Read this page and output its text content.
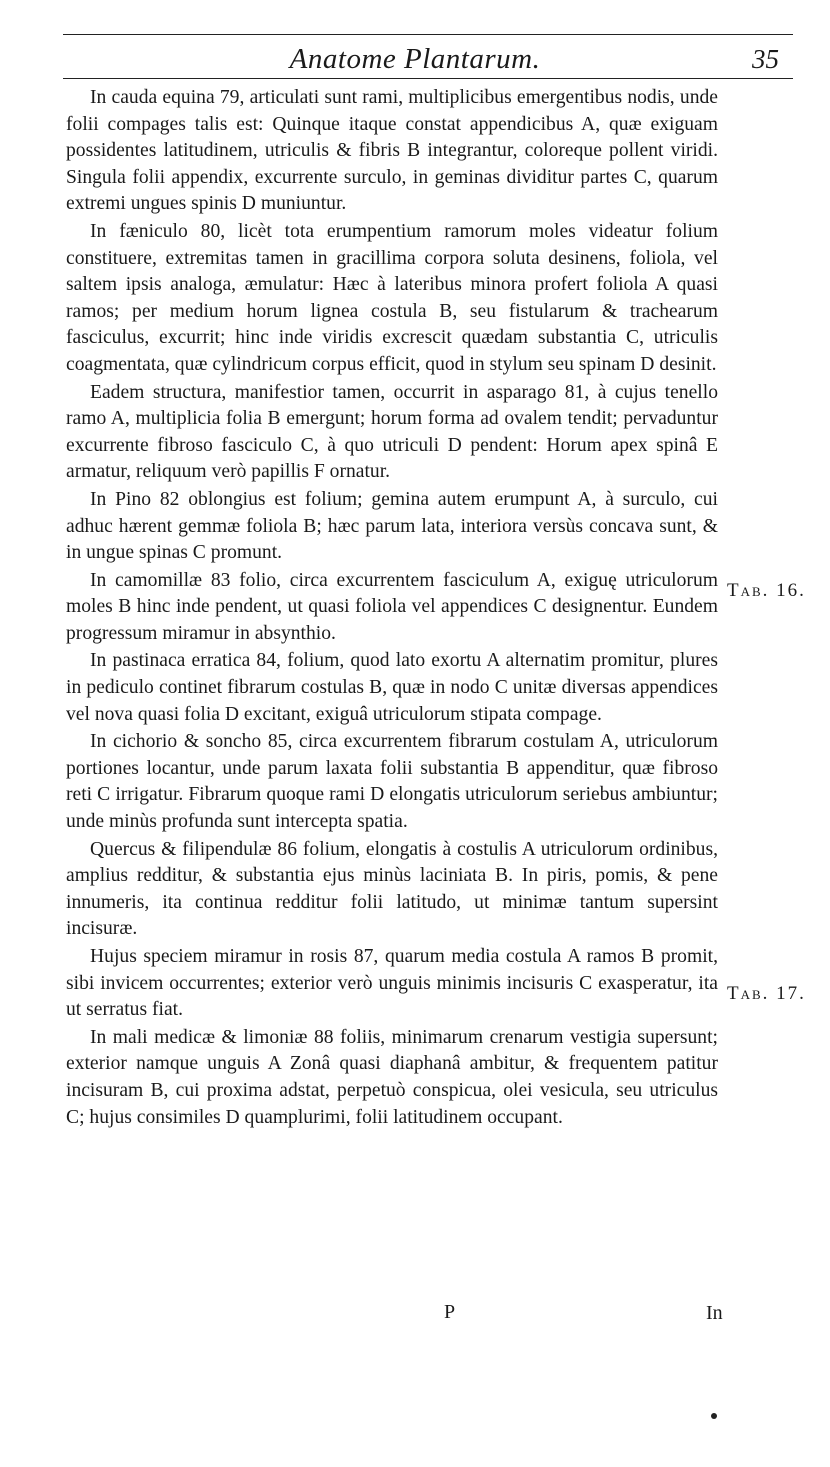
Anatome Plantarum.	35

In cauda equina 79, articulati sunt rami, multiplicibus emergentibus nodis, unde folii compages talis est: Quinque itaque constat appendicibus A, quæ exiguam possidentes latitudinem, utriculis & fibris B integrantur, coloreque pollent viridi. Singula folii appendix, excurrente surculo, in geminas dividitur partes C, quarum extremi ungues spinis D muniuntur.

In fæniculo 80, licèt tota erumpentium ramorum moles videatur folium constituere, extremitas tamen in gracillima corpora soluta desinens, foliola, vel saltem ipsis analoga, æmulatur: Hæc à lateribus minora profert foliola A quasi ramos; per medium horum lignea costula B, seu fistularum & trachearum fasciculus, excurrit; hinc inde viridis excrescit quædam substantia C, utriculis coagmentata, quæ cylindricum corpus efficit, quod in stylum seu spinam D desinit.

Eadem structura, manifestior tamen, occurrit in asparago 81, à cujus tenello ramo A, multiplicia folia B emergunt; horum forma ad ovalem tendit; pervaduntur excurrente fibroso fasciculo C, à quo utriculi D pendent: Horum apex spinâ E armatur, reliquum verò papillis F ornatur.

In Pino 82 oblongius est folium; gemina autem erumpunt A, à surculo, cui adhuc hærent gemmæ foliola B; hæc parum lata, interiora versùs concava sunt, & in ungue spinas C promunt.

In camomillæ 83 folio, circa excurrentem fasciculum A, exiguę utriculorum moles B hinc inde pendent, ut quasi foliola vel appendices C designentur. Eundem progressum miramur in absynthio.

In pastinaca erratica 84, folium, quod lato exortu A alternatim promitur, plures in pediculo continet fibrarum costulas B, quæ in nodo C unitæ diversas appendices vel nova quasi folia D excitant, exiguâ utriculorum stipata compage.

In cichorio & soncho 85, circa excurrentem fibrarum costulam A, utriculorum portiones locantur, unde parum laxata folii substantia B appenditur, quæ fibroso reti C irrigatur. Fibrarum quoque rami D elongatis utriculorum seriebus ambiuntur; unde minùs profunda sunt intercepta spatia.

Quercus & filipendulæ 86 folium, elongatis à costulis A utriculorum ordinibus, amplius redditur, & substantia ejus minùs laciniata B. In piris, pomis, & pene innumeris, ita continua redditur folii latitudo, ut minimæ tantum supersint incisuræ.

Hujus speciem miramur in rosis 87, quarum media costula A ramos B promit, sibi invicem occurrentes; exterior verò unguis minimis incisuris C exasperatur, ita ut serratus fiat.

In mali medicæ & limoniæ 88 foliis, minimarum crenarum vestigia supersunt; exterior namque unguis A Zonâ quasi diaphanâ ambitur, & frequentem patitur incisuram B, cui proxima adstat, perpetuò conspicua, olei vesicula, seu utriculus C; hujus consimiles D quamplurimi, folii latitudinem occupant.

Tab. 16.
Tab. 17.
P	In
